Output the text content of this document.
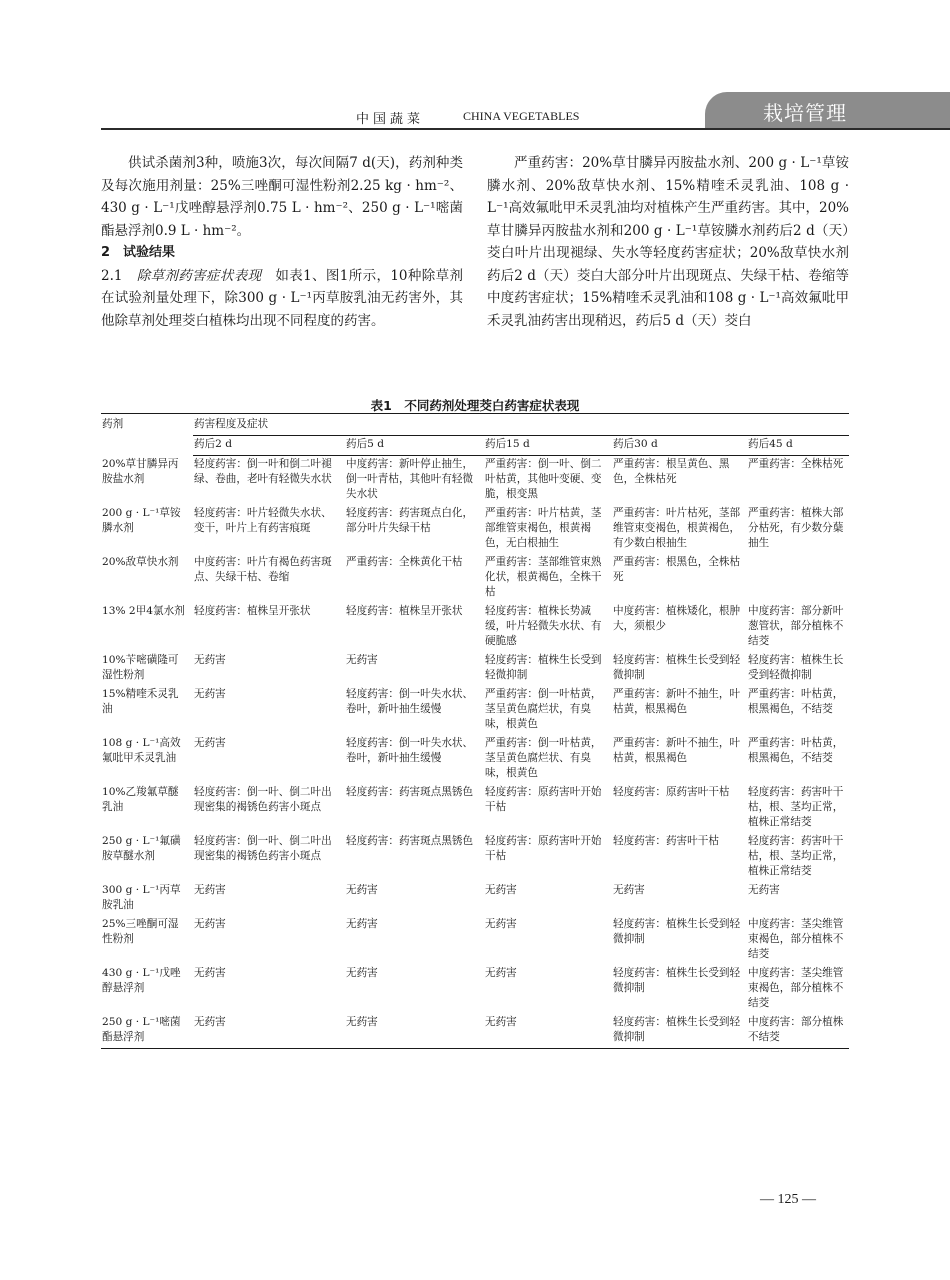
中国蔬菜	CHINA VEGETABLES	栽培管理

供试杀菌剂3种，喷施3次，每次间隔7 d(天)，药剂种类及每次施用剂量：25%三唑酮可湿性粉剂2.25 kg · hm⁻²、430 g · L⁻¹戊唑醇悬浮剂0.75 L · hm⁻²、250 g · L⁻¹嘧菌酯悬浮剂0.9 L · hm⁻²。

2　试验结果

2.1　除草剂药害症状表现　如表1、图1所示，10种除草剂在试验剂量处理下，除300 g · L⁻¹丙草胺乳油无药害外，其他除草剂处理茭白植株均出现不同程度的药害。

严重药害：20%草甘膦异丙胺盐水剂、200 g · L⁻¹草铵膦水剂、20%敌草快水剂、15%精喹禾灵乳油、108 g · L⁻¹高效氟吡甲禾灵乳油均对植株产生严重药害。其中，20%草甘膦异丙胺盐水剂和200 g · L⁻¹草铵膦水剂药后2 d（天）茭白叶片出现褪绿、失水等轻度药害症状；20%敌草快水剂药后2 d（天）茭白大部分叶片出现斑点、失绿干枯、卷缩等中度药害症状；15%精喹禾灵乳油和108 g · L⁻¹高效氟吡甲禾灵乳油药害出现稍迟，药后5 d（天）茭白

表1　不同药剂处理茭白药害症状表现
药剂	药害程度及症状				
	药后2 d	药后5 d	药后15 d	药后30 d	药后45 d
20%草甘膦异丙胺盐水剂	轻度药害：倒一叶和倒二叶褪绿、卷曲，老叶有轻微失水状	中度药害：新叶停止抽生，倒一叶青枯，其他叶有轻微失水状	严重药害：倒一叶、倒二叶枯黄，其他叶变硬、变脆，根变黑	严重药害：根呈黄色、黑色，全株枯死	严重药害：全株枯死
200 g · L⁻¹草铵膦水剂	轻度药害：叶片轻微失水状、变干，叶片上有药害痕斑	轻度药害：药害斑点白化，部分叶片失绿干枯	严重药害：叶片枯黄，茎部维管束褐色，根黄褐色，无白根抽生	严重药害：叶片枯死，茎部维管束变褐色，根黄褐色，有少数白根抽生	严重药害：植株大部分枯死，有少数分蘖抽生
20%敌草快水剂	中度药害：叶片有褐色药害斑点、失绿干枯、卷缩	严重药害：全株黄化干枯	严重药害：茎部维管束熟化状，根黄褐色，全株干枯	严重药害：根黑色，全株枯死	
13% 2甲4氯水剂	轻度药害：植株呈开张状	轻度药害：植株呈开张状	轻度药害：植株长势减缓，叶片轻微失水状、有硬脆感	中度药害：植株矮化，根肿大，须根少	中度药害：部分新叶葱管状，部分植株不结茭
10%苄嘧磺隆可湿性粉剂	无药害	无药害	轻度药害：植株生长受到轻微抑制	轻度药害：植株生长受到轻微抑制	轻度药害：植株生长受到轻微抑制
15%精喹禾灵乳油	无药害	轻度药害：倒一叶失水状、卷叶，新叶抽生缓慢	严重药害：倒一叶枯黄，茎呈黄色腐烂状，有臭味，根黄色	严重药害：新叶不抽生，叶枯黄，根黑褐色	严重药害：叶枯黄，根黑褐色，不结茭
108 g · L⁻¹高效氟吡甲禾灵乳油	无药害	轻度药害：倒一叶失水状、卷叶，新叶抽生缓慢	严重药害：倒一叶枯黄，茎呈黄色腐烂状、有臭味，根黄色	严重药害：新叶不抽生，叶枯黄，根黑褐色	严重药害：叶枯黄，根黑褐色，不结茭
10%乙羧氟草醚乳油	轻度药害：倒一叶、倒二叶出现密集的褐锈色药害小斑点	轻度药害：药害斑点黑锈色	轻度药害：原药害叶开始干枯	轻度药害：原药害叶干枯	轻度药害：药害叶干枯，根、茎均正常，植株正常结茭
250 g · L⁻¹氟磺胺草醚水剂	轻度药害：倒一叶、倒二叶出现密集的褐锈色药害小斑点	轻度药害：药害斑点黑锈色	轻度药害：原药害叶开始干枯	轻度药害：药害叶干枯	轻度药害：药害叶干枯，根、茎均正常，植株正常结茭
300 g · L⁻¹丙草胺乳油	无药害	无药害	无药害	无药害	无药害
25%三唑酮可湿性粉剂	无药害	无药害	无药害	轻度药害：植株生长受到轻微抑制	中度药害：茎尖维管束褐色，部分植株不结茭
430 g · L⁻¹戊唑醇悬浮剂	无药害	无药害	无药害	轻度药害：植株生长受到轻微抑制	中度药害：茎尖维管束褐色，部分植株不结茭
250 g · L⁻¹嘧菌酯悬浮剂	无药害	无药害	无药害	轻度药害：植株生长受到轻微抑制	中度药害：部分植株不结茭
— 125 —
